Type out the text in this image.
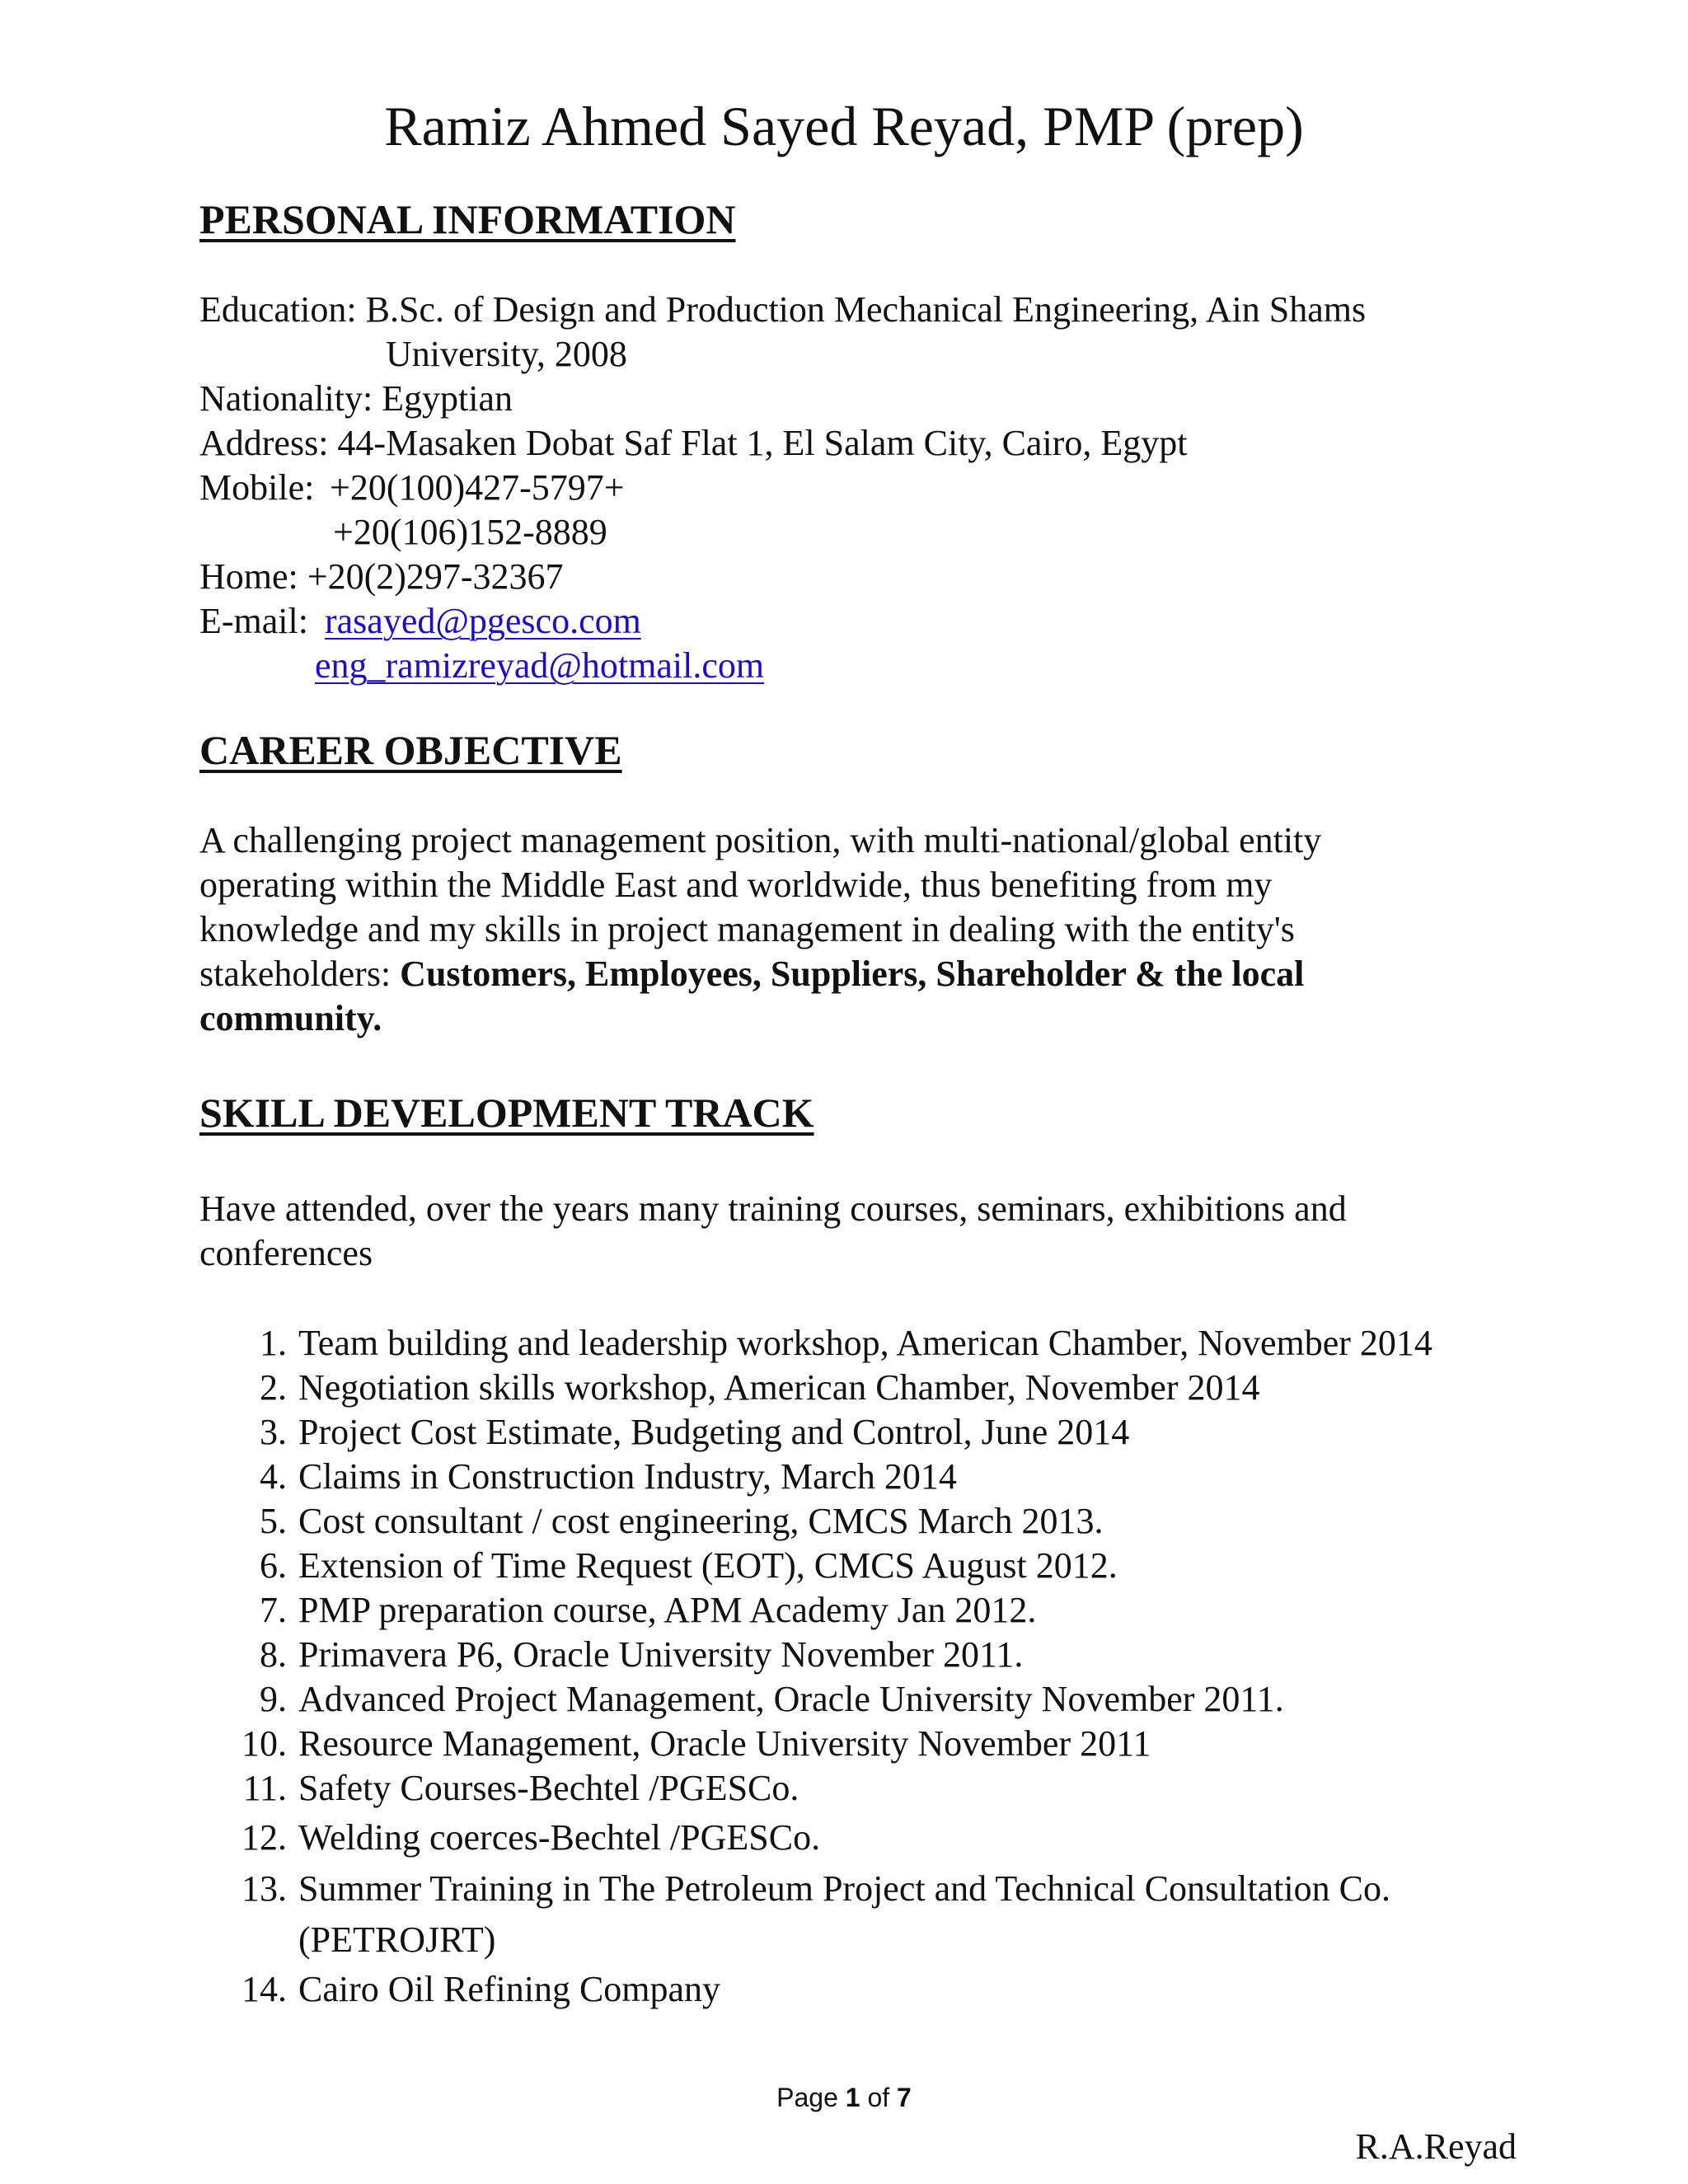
Ramiz Ahmed Sayed Reyad, PMP (prep)
PERSONAL INFORMATION
Education: B.Sc. of Design and Production Mechanical Engineering, Ain Shams
University, 2008
Nationality: Egyptian
Address: 44-Masaken Dobat Saf Flat 1, El Salam City, Cairo, Egypt
Mobile: +20(100)427-5797+
+20(106)152-8889
Home: +20(2)297-32367
E-mail: rasayed@pgesco.com
eng_ramizreyad@hotmail.com
CAREER OBJECTIVE
A challenging project management position, with multi-national/global entity
operating within the Middle East and worldwide, thus benefiting from my
knowledge and my skills in project management in dealing with the entity's
stakeholders: Customers, Employees, Suppliers, Shareholder & the local
community.
SKILL DEVELOPMENT TRACK
Have attended, over the years many training courses, seminars, exhibitions and
conferences
1. Team building and leadership workshop, American Chamber, November 2014
2. Negotiation skills workshop, American Chamber, November 2014
3. Project Cost Estimate, Budgeting and Control, June 2014
4. Claims in Construction Industry, March 2014
5. Cost consultant / cost engineering, CMCS March 2013.
6. Extension of Time Request (EOT), CMCS August 2012.
7. PMP preparation course, APM Academy Jan 2012.
8. Primavera P6, Oracle University November 2011.
9. Advanced Project Management, Oracle University November 2011.
10. Resource Management, Oracle University November 2011
11. Safety Courses-Bechtel /PGESCo.
12. Welding coerces-Bechtel /PGESCo.
13. Summer Training in The Petroleum Project and Technical Consultation Co.
(PETROJRT)
14. Cairo Oil Refining Company
Page 1 of 7
R.A.Reyad
